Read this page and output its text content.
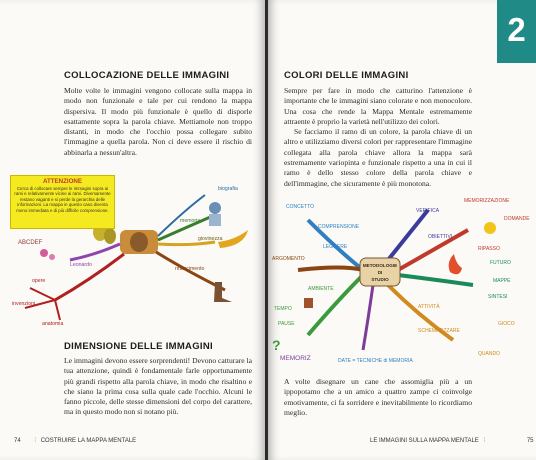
COLLOCAZIONE DELLE IMMAGINI

Molte volte le immagini vengono collocate sulla mappa in modo non funzionale e tale per cui rendono la mappa dispersiva. Il modo più funzionale è quello di disporle esattamente sopra la parola chiave. Mettiamole non troppo distanti, in modo che l'occhio possa collegare subito l'immagine a quella parola. Non ci deve essere il rischio di abbinarla a nessun'altra.

ABCDEF
biografia
giovinezza
memoria
rinascimento
opere
invenzioni
anatomia
Leonardo
ATTENZIONE
Cerca di collocare sempre le immagini sopra ai rami e relativamente vicine ai rami. Diversamente restano vaganti e si perde la gerarchia delle informazioni. La mappa in questo caso diventa meno immediata e di più difficile comprensione.
DIMENSIONE DELLE IMMAGINI

Le immagini devono essere sorprendenti! Devono catturare la tua attenzione, quindi è fondamentale farle opportunamente più grandi rispetto alla parola chiave, in modo che risaltino e che siano la prima cosa sulla quale cade l'occhio. Alcuni le fanno piccole, delle stesse dimensioni del corpo del carattere, ma in questo modo non si notano più.

74 ⁞ COSTRUIRE LA MAPPA MENTALE
COLORI DELLE IMMAGINI

Sempre per fare in modo che catturino l'attenzione è importante che le immagini siano colorate e non monocolore. Una cosa che rende la Mappa Mentale estremamente attraente è proprio la varietà nell'utilizzo dei colori.

Se facciamo il ramo di un colore, la parola chiave di un altro e utilizziamo diversi colori per rappresentare l'immagine collegata alla parola chiave allora la mappa sarà estremamente variopinta e funzionale rispetto a una in cui il ramo è dello stesso colore della parola chiave e dell'immagine, che sicuramente è più monotona.

METODOLOGIE
DI
STUDIO
CONCETTO
COMPRENSIONE
ARGOMENTO
AMBIENTE
TEMPO
PAUSE
ATTIVITÀ
SCHEMATIZZARE
LEGGERE
MEMORIZZAZIONE
RIPASSO
DOMANDE
MAPPE
SINTESI
OBIETTIVI
VERIFICA
FUTURO
GIOCO
QUANDO
MEMORIZ	DATE = TECNICHE di MEMORIA
?

A volte disegnare un cane che assomiglia più a un ippopotamo che a un amico a quattro zampe ci coinvolge emotivamente, ci fa sorridere e inevitabilmente lo ricordiamo meglio.

LE IMMAGINI SULLA MAPPA MENTALE ⁞	75
2
